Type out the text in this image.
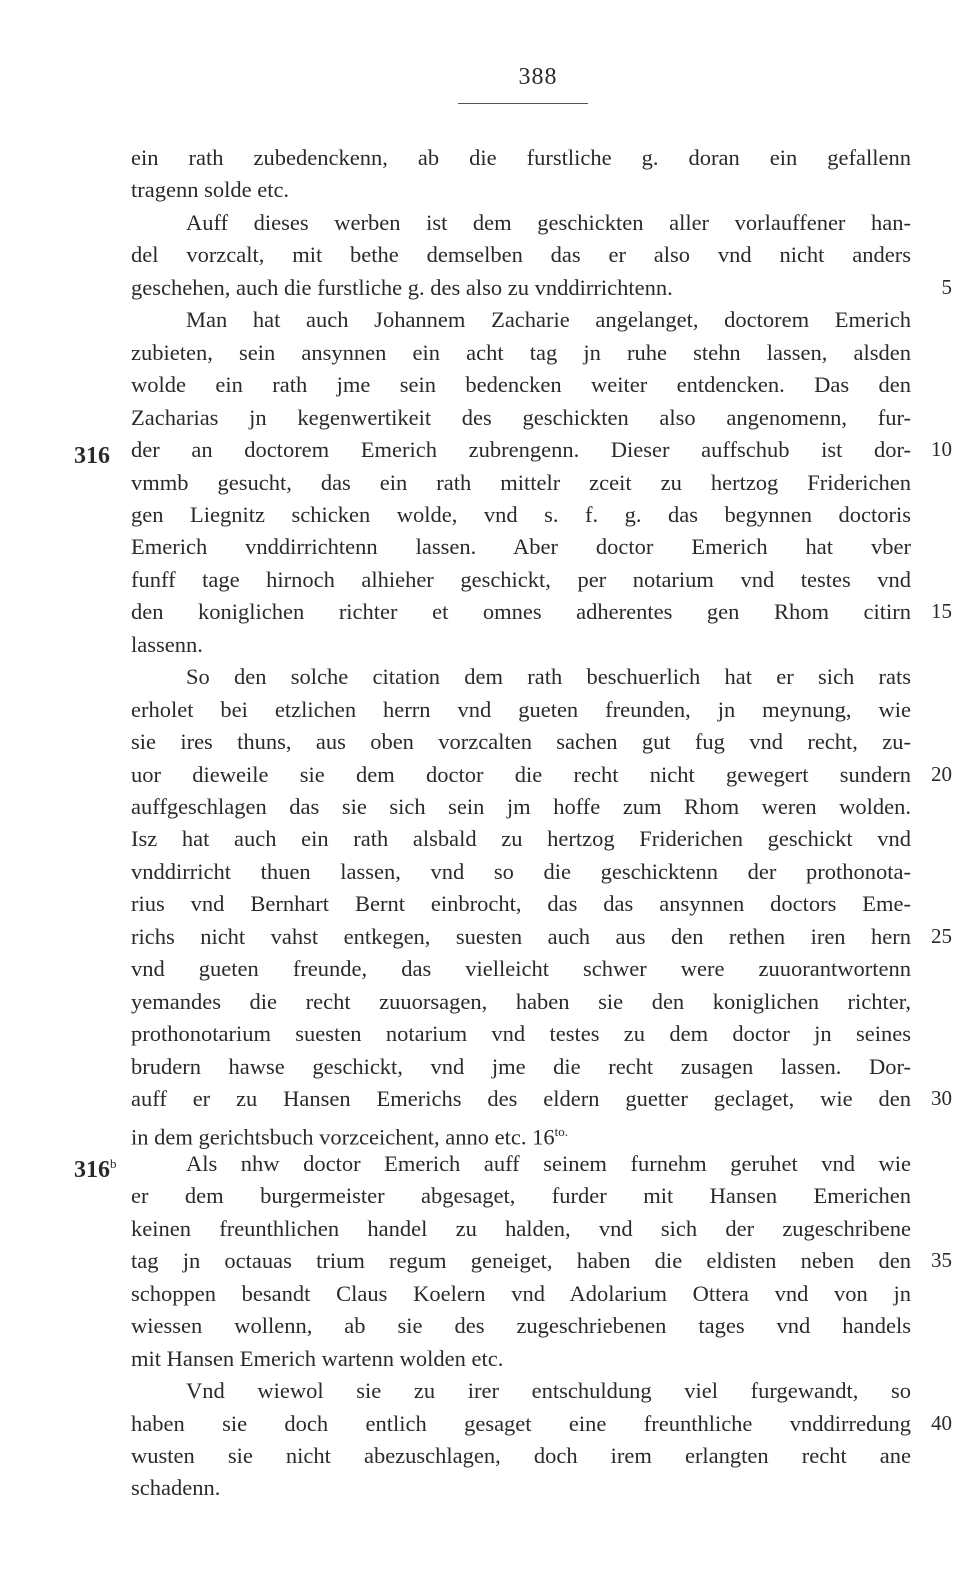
388
ein rath zubedenckenn, ab die furstliche g. doran ein gefallenn
tragenn solde etc.
Auff dieses werben ist dem geschickten aller vorlauffener han-
del vorzcalt, mit bethe demselben das er also vnd nicht anders
geschehen, auch die furstliche g. des also zu vnddirrichtenn.
Man hat auch Johannem Zacharie angelanget, doctorem Emerich
zubieten, sein ansynnen ein acht tag jn ruhe stehn lassen, alsden
wolde ein rath jme sein bedencken weiter entdencken. Das den
Zacharias jn kegenwertikeit des geschickten also angenomenn, fur-
der an doctorem Emerich zubrengenn. Dieser auffschub ist dor-
vmmb gesucht, das ein rath mittelr zceit zu hertzog Friderichen
gen Liegnitz schicken wolde, vnd s. f. g. das begynnen doctoris
Emerich vnddirrichtenn lassen. Aber doctor Emerich hat vber
funff tage hirnoch alhieher geschickt, per notarium vnd testes vnd
den koniglichen richter et omnes adherentes gen Rhom citirn
lassenn.
So den solche citation dem rath beschuerlich hat er sich rats
erholet bei etzlichen herrn vnd gueten freunden, jn meynung, wie
sie ires thuns, aus oben vorzcalten sachen gut fug vnd recht, zu-
uor dieweile sie dem doctor die recht nicht gewegert sundern
auffgeschlagen das sie sich sein jm hoffe zum Rhom weren wolden.
Isz hat auch ein rath alsbald zu hertzog Friderichen geschickt vnd
vnddirricht thuen lassen, vnd so die geschicktenn der prothonota-
rius vnd Bernhart Bernt einbrocht, das das ansynnen doctors Eme-
richs nicht vahst entkegen, suesten auch aus den rethen iren hern
vnd gueten freunde, das vielleicht schwer were zuuorantwortenn
yemandes die recht zuuorsagen, haben sie den koniglichen richter,
prothonotarium suesten notarium vnd testes zu dem doctor jn seines
brudern hawse geschickt, vnd jme die recht zusagen lassen. Dor-
auff er zu Hansen Emerichs des eldern guetter geclaget, wie den
in dem gerichtsbuch vorzceichent, anno etc. $16^{to.}$
Als nhw doctor Emerich auff seinem furnehm geruhet vnd wie
er dem burgermeister abgesaget, furder mit Hansen Emerichen
keinen freunthlichen handel zu halden, vnd sich der zugeschribene
tag jn octauas trium regum geneiget, haben die eldisten neben den
schoppen besandt Claus Koelern vnd Adolarium Ottera vnd von jn
wiessen wollenn, ab sie des zugeschriebenen tages vnd handels
mit Hansen Emerich wartenn wolden etc.
Vnd wiewol sie zu irer entschuldung viel furgewandt, so
haben sie doch entlich gesaget eine freunthliche vnddirredung
wusten sie nicht abezuschlagen, doch irem erlangten recht ane
schadenn.
5
10
15
20
25
30
35
40
316
316$^b$
